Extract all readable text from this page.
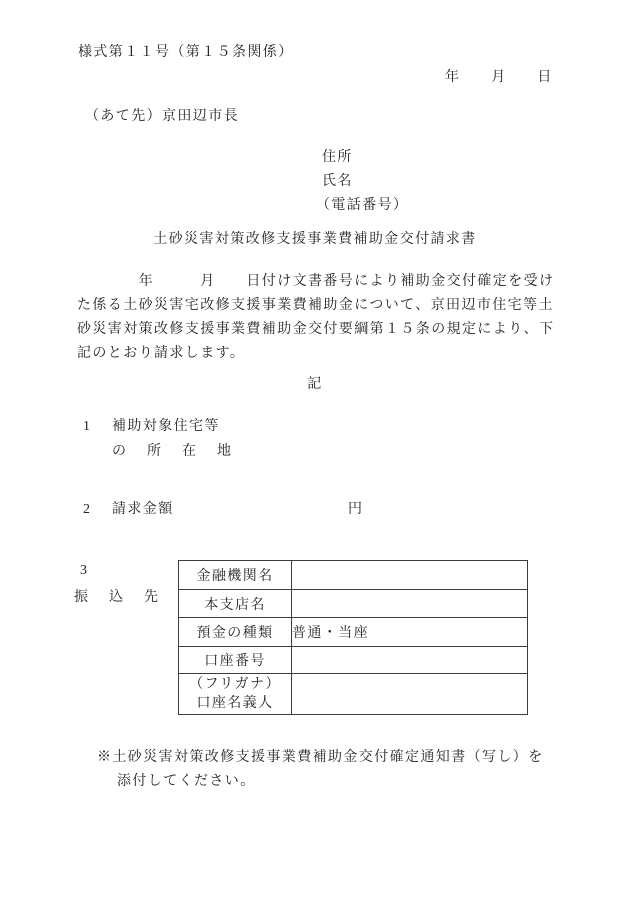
様式第１１号（第１５条関係）
年　　月　　日
（あて先）京田辺市長
住所
氏名
（電話番号）
土砂災害対策改修支援事業費補助金交付請求書
　　　　年　　　月　　日付け文書番号により補助金交付確定を受け
た係る土砂災害宅改修支援事業費補助金について、京田辺市住宅等土
砂災害対策改修支援事業費補助金交付要綱第１５条の規定により、下
記のとおり請求します。
記
1 補助対象住宅等
の　所　在　地
2 請求金額	円
3
振　込　先
金融機関名	
本支店名	
預金の種類	普通・当座
口座番号	

（フリガナ）
口座名義人	

※土砂災害対策改修支援事業費補助金交付確定通知書（写し）を
添付してください。
